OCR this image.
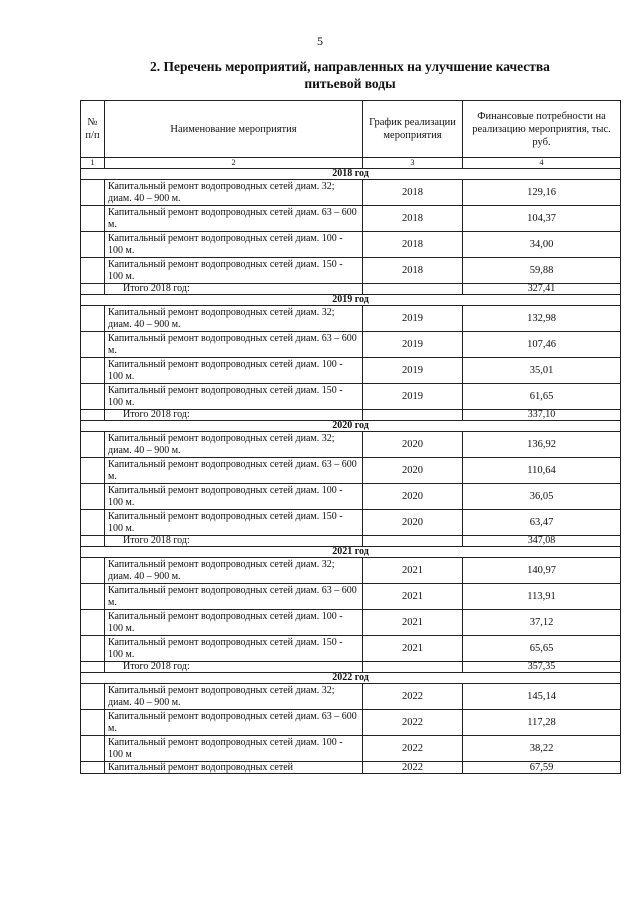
5
2. Перечень мероприятий, направленных на улучшение качества
питьевой воды
№ п/п	Наименование мероприятия	График реализации мероприятия	Финансовые потребности на реализацию мероприятия, тыс. руб.
1	2	3	4
2018 год			
	Капитальный ремонт водопроводных сетей диам. 32; диам. 40 – 900 м.	2018	129,16
	Капитальный ремонт водопроводных сетей диам. 63 – 600 м.	2018	104,37
	Капитальный ремонт водопроводных сетей диам. 100 - 100 м.	2018	34,00
	Капитальный ремонт водопроводных сетей диам. 150 - 100 м.	2018	59,88
	Итого 2018 год:		327,41
2019 год			
	Капитальный ремонт водопроводных сетей диам. 32; диам. 40 – 900 м.	2019	132,98
	Капитальный ремонт водопроводных сетей диам. 63 – 600 м.	2019	107,46
	Капитальный ремонт водопроводных сетей диам. 100 - 100 м.	2019	35,01
	Капитальный ремонт водопроводных сетей диам. 150 - 100 м.	2019	61,65
	Итого 2018 год:		337,10
2020 год			
	Капитальный ремонт водопроводных сетей диам. 32; диам. 40 – 900 м.	2020	136,92
	Капитальный ремонт водопроводных сетей диам. 63 – 600 м.	2020	110,64
	Капитальный ремонт водопроводных сетей диам. 100 - 100 м.	2020	36,05
	Капитальный ремонт водопроводных сетей диам. 150 - 100 м.	2020	63,47
	Итого 2018 год:		347,08
2021 год			
	Капитальный ремонт водопроводных сетей диам. 32; диам. 40 – 900 м.	2021	140,97
	Капитальный ремонт водопроводных сетей диам. 63 – 600 м.	2021	113,91
	Капитальный ремонт водопроводных сетей диам. 100 - 100 м.	2021	37,12
	Капитальный ремонт водопроводных сетей диам. 150 - 100 м.	2021	65,65
	Итого 2018 год:		357,35
2022 год			
	Капитальный ремонт водопроводных сетей диам. 32; диам. 40 – 900 м.	2022	145,14
	Капитальный ремонт водопроводных сетей диам. 63 – 600 м.	2022	117,28
	Капитальный ремонт водопроводных сетей диам. 100 - 100 м	2022	38,22
	Капитальный ремонт водопроводных сетей	2022	67,59
